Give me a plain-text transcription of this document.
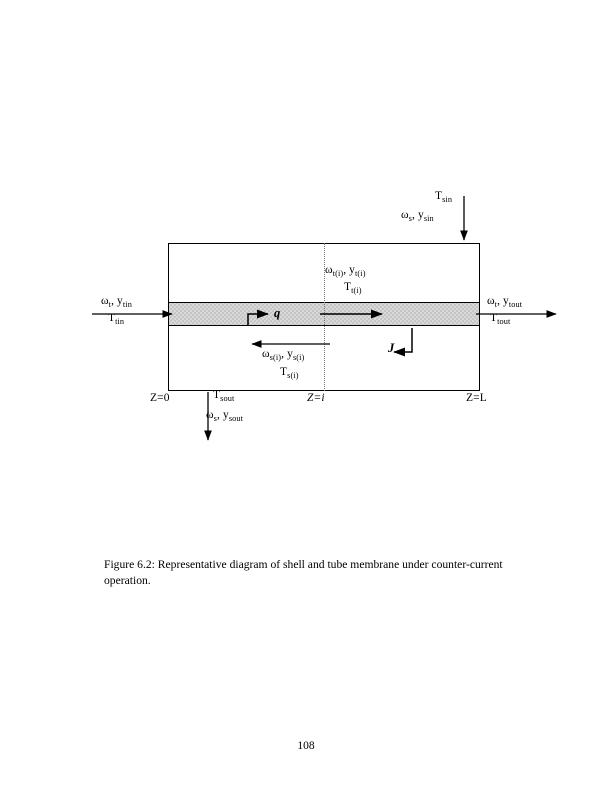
$\omega_t$, $y_{tin}$
$T_{tin}$
$\omega_t$, $y_{tout}$
$T_{tout}$
$T_{sin}$
$\omega_s$, $y_{sin}$
$T_{sout}$
$\omega_s$, $y_{sout}$
$\omega_{t(i)}$, $y_{t(i)}$
$T_{t(i)}$
$\omega_{s(i)}$, $y_{s(i)}$
$T_{s(i)}$
q
J
Z=0	Z=i	Z=L
Figure 6.2: Representative diagram of shell and tube membrane under counter-current operation.
108
